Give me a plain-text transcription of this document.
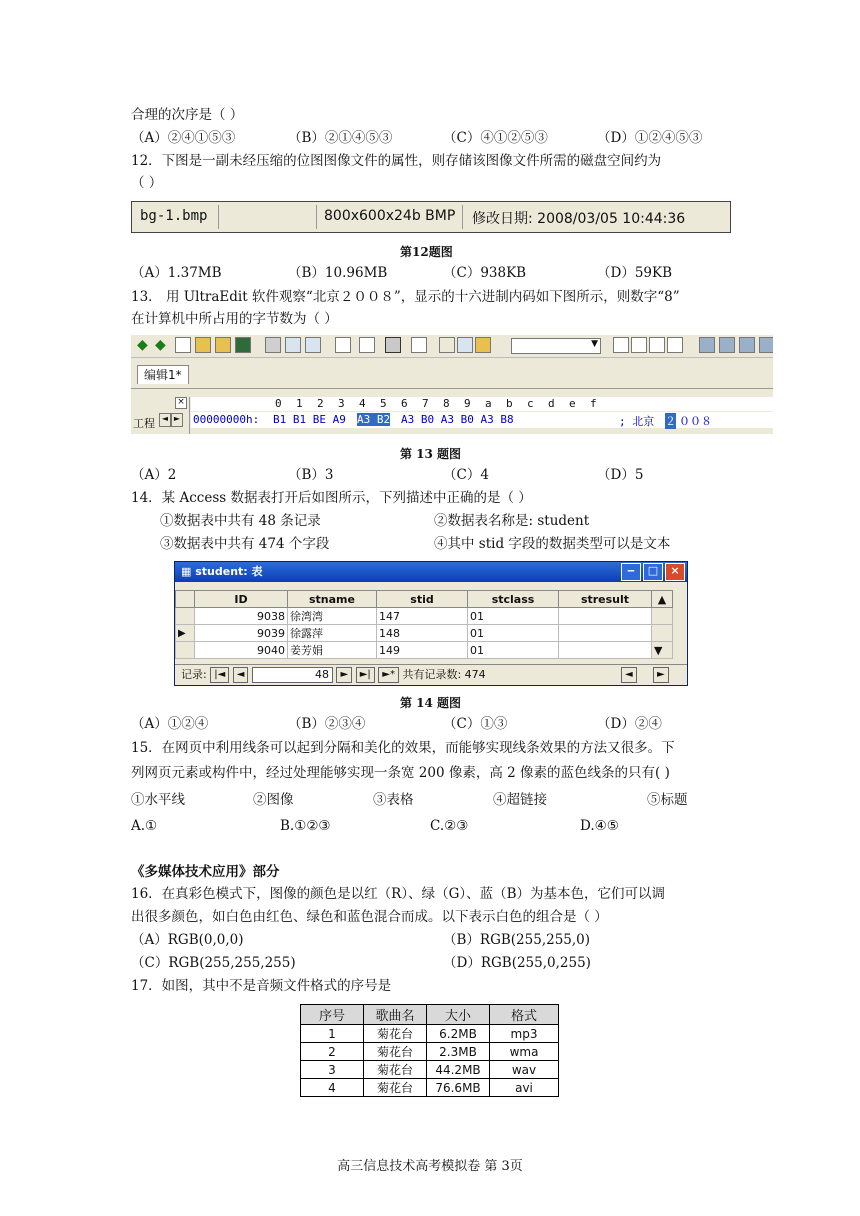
合理的次序是（ ）
（A）②④①⑤③	（B）②①④⑤③	（C）④①②⑤③	（D）①②④⑤③
12．下图是一副未经压缩的位图图像文件的属性，则存储该图像文件所需的磁盘空间约为
（ ）
bg-1.bmp	800x600x24b BMP 修改日期: 2008/03/05 10:44:36
第12题图
（A）1.37MB	（B）10.96MB	（C）938KB	（D）59KB
13． 用 UltraEdit 软件观察“北京２００８”，显示的十六进制内码如下图所示，则数字“8”
在计算机中所占用的字节数为（ ）
◆ ◆	▼
编辑1*
×
工程 ◄ ►
0 1 2 3 4 5 6 7 8 9 a b c d e f
00000000h: B1 B1 BE A9 A3 B2 A3 B0 A3 B0 A3 B8	; 北京 ２ ００８
第 13 题图
（A）2	（B）3	（C）4	（D）5
14．某 Access 数据表打开后如图所示，下列描述中正确的是（ ）
①数据表中共有 48 条记录	②数据表名称是: student
③数据表中共有 474 个字段	④其中 stid 字段的数据类型可以是文本
▦ student: 表	‒	□	×
	ID	stname	stid	stclass	stresult	▲
	9038	徐湾湾	147	01		
▶	9039	徐露萍	148	01		
	9040	姜芳娟	149	01		▼
记录: |◄ ◄	48 ► ►| ►* 共有记录数: 474	◄	►
第 14 题图
（A）①②④	（B）②③④	（C）①③	（D）②④
15．在网页中利用线条可以起到分隔和美化的效果，而能够实现线条效果的方法又很多。下
列网页元素或构件中，经过处理能够实现一条宽 200 像素，高 2 像素的蓝色线条的只有( )
①水平线	②图像	③表格	④超链接	⑤标题
A.①	B.①②③	C.②③	D.④⑤
《多媒体技术应用》部分
16．在真彩色模式下，图像的颜色是以红（R）、绿（G）、蓝（B）为基本色，它们可以调
出很多颜色，如白色由红色、绿色和蓝色混合而成。以下表示白色的组合是（ ）
（A）RGB(0,0,0)	（B）RGB(255,255,0)
（C）RGB(255,255,255)	（D）RGB(255,0,255)
17．如图，其中不是音频文件格式的序号是
序号	歌曲名	大小	格式
1	菊花台	6.2MB	mp3
2	菊花台	2.3MB	wma
3	菊花台	44.2MB	wav
4	菊花台	76.6MB	avi
高三信息技术高考模拟卷 第 3页
